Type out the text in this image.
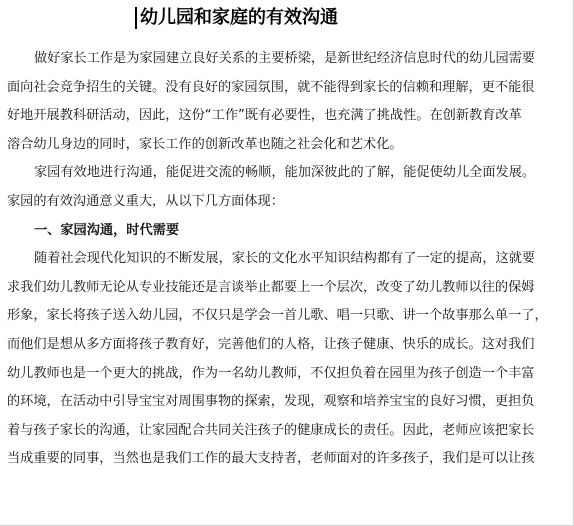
幼儿园和家庭的有效沟通
做好家长工作是为家园建立良好关系的主要桥梁，是新世纪经济信息时代的幼儿园需要
面向社会竞争招生的关键。没有良好的家园氛围，就不能得到家长的信赖和理解，更不能很
好地开展教科研活动，因此，这份“工作”既有必要性，也充满了挑战性。在创新教育改革
溶合幼儿身边的同时，家长工作的创新改革也随之社会化和艺术化。
家园有效地进行沟通，能促进交流的畅顺，能加深彼此的了解，能促使幼儿全面发展。
家园的有效沟通意义重大，从以下几方面体现：
一、家园沟通，时代需要
随着社会现代化知识的不断发展，家长的文化水平知识结构都有了一定的提高，这就要
求我们幼儿教师无论从专业技能还是言谈举止都要上一个层次，改变了幼儿教师以往的保姆
形象，家长将孩子送入幼儿园，不仅只是学会一首儿歌、唱一只歌、讲一个故事那么单一了，
而他们是想从多方面将孩子教育好，完善他们的人格，让孩子健康、快乐的成长。这对我们
幼儿教师也是一个更大的挑战，作为一名幼儿教师，不仅担负着在园里为孩子创造一个丰富
的环境，在活动中引导宝宝对周围事物的探索，发现，观察和培养宝宝的良好习惯，更担负
着与孩子家长的沟通，让家园配合共同关注孩子的健康成长的责任。因此，老师应该把家长
当成重要的同事，当然也是我们工作的最大支持者，老师面对的许多孩子，我们是可以让孩
